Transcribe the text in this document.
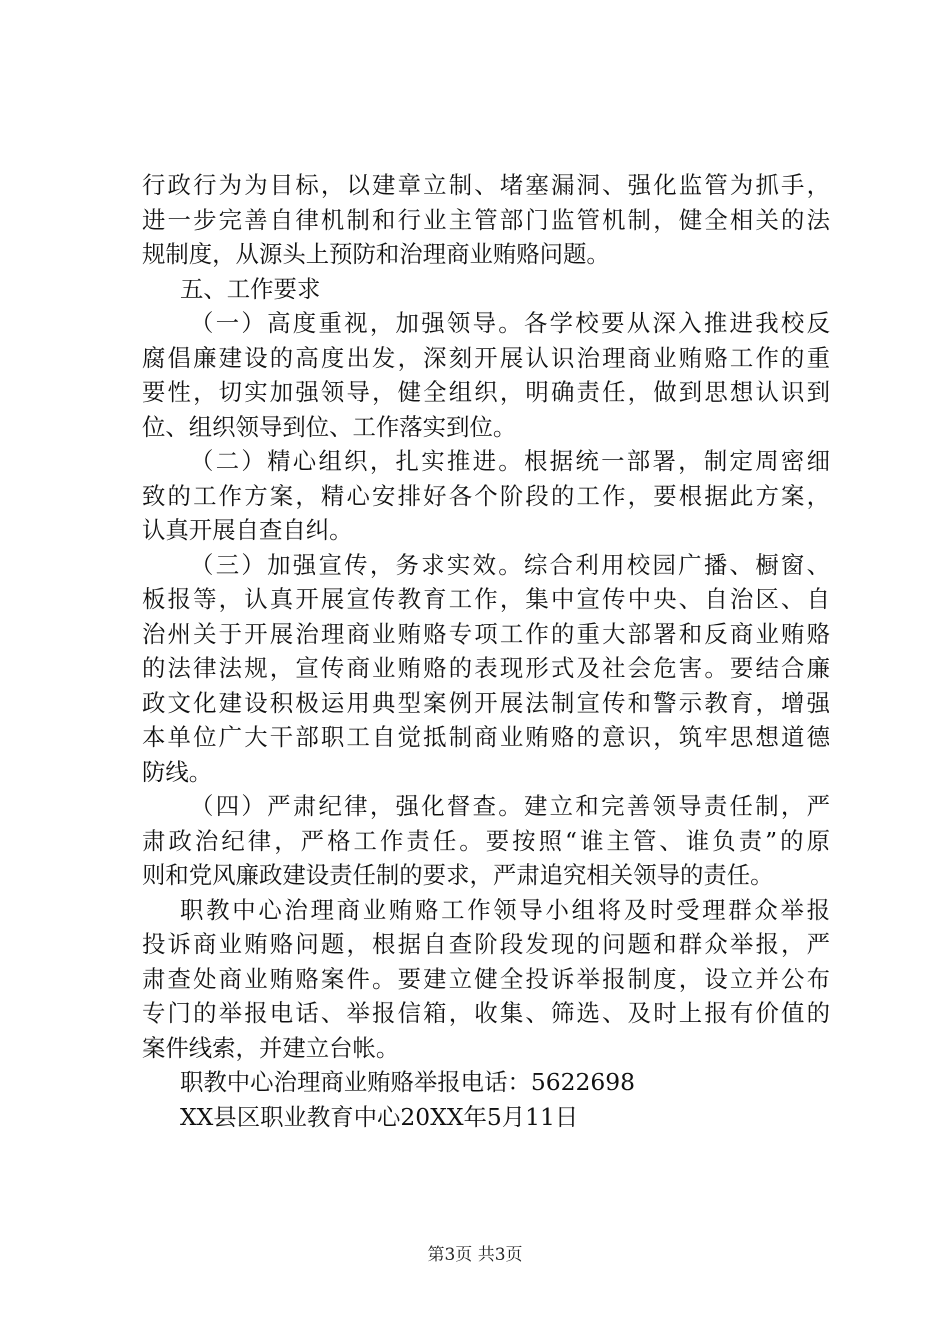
行政行为为目标，以建章立制、堵塞漏洞、强化监管为抓手，
进一步完善自律机制和行业主管部门监管机制，健全相关的法
规制度，从源头上预防和治理商业贿赂问题。
五、工作要求
（一）高度重视，加强领导。各学校要从深入推进我校反
腐倡廉建设的高度出发，深刻开展认识治理商业贿赂工作的重
要性，切实加强领导，健全组织，明确责任，做到思想认识到
位、组织领导到位、工作落实到位。
（二）精心组织，扎实推进。根据统一部署，制定周密细
致的工作方案，精心安排好各个阶段的工作，要根据此方案，
认真开展自查自纠。
（三）加强宣传，务求实效。综合利用校园广播、橱窗、
板报等，认真开展宣传教育工作，集中宣传中央、自治区、自
治州关于开展治理商业贿赂专项工作的重大部署和反商业贿赂
的法律法规，宣传商业贿赂的表现形式及社会危害。要结合廉
政文化建设积极运用典型案例开展法制宣传和警示教育，增强
本单位广大干部职工自觉抵制商业贿赂的意识，筑牢思想道德
防线。
（四）严肃纪律，强化督查。建立和完善领导责任制，严
肃政治纪律，严格工作责任。要按照“谁主管、谁负责”的原
则和党风廉政建设责任制的要求，严肃追究相关领导的责任。
职教中心治理商业贿赂工作领导小组将及时受理群众举报
投诉商业贿赂问题，根据自查阶段发现的问题和群众举报，严
肃查处商业贿赂案件。要建立健全投诉举报制度，设立并公布
专门的举报电话、举报信箱，收集、筛选、及时上报有价值的
案件线索，并建立台帐。
职教中心治理商业贿赂举报电话：5622698
XX县区职业教育中心20XX年5月11日
第3页 共3页
